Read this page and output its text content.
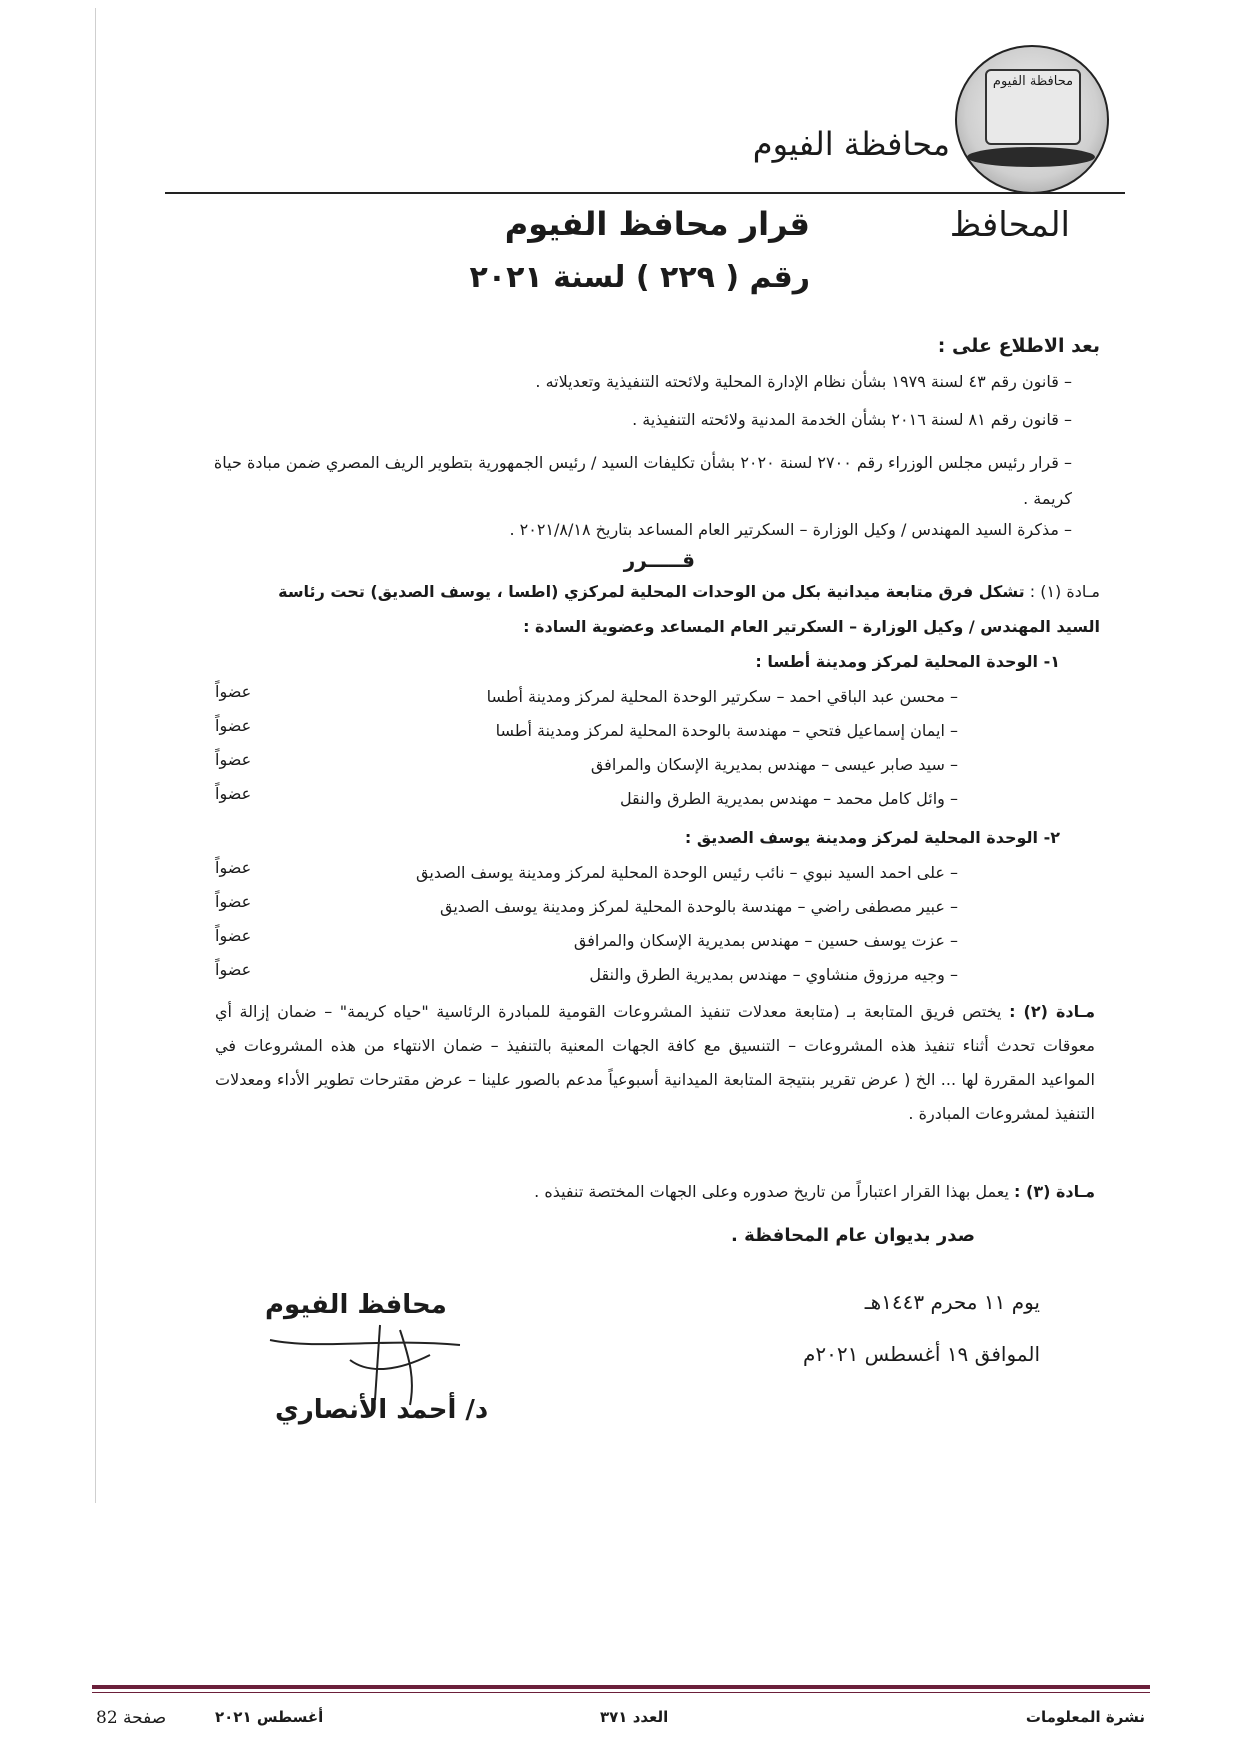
محافظة الفيوم
محافظة الفيوم
المحافظ
قرار محافظ الفيوم
رقم ( ٢٢٩ ) لسنة ٢٠٢١
بعد الاطلاع على :
– قانون رقم ٤٣ لسنة ١٩٧٩ بشأن نظام الإدارة المحلية ولائحته التنفيذية وتعديلاته .
– قانون رقم ٨١ لسنة ٢٠١٦ بشأن الخدمة المدنية ولائحته التنفيذية .
– قرار رئيس مجلس الوزراء رقم ٢٧٠٠ لسنة ٢٠٢٠ بشأن تكليفات السيد / رئيس الجمهورية بتطوير الريف المصري ضمن مبادة حياة كريمة .
– مذكرة السيد المهندس / وكيل الوزارة – السكرتير العام المساعد بتاريخ ٢٠٢١/٨/١٨ .
قـــــرر
مـادة (١) : تشكل فرق متابعة ميدانية بكل من الوحدات المحلية لمركزي (اطسا ، يوسف الصديق) تحت رئاسة
السيد المهندس / وكيل الوزارة – السكرتير العام المساعد وعضوية السادة :
١- الوحدة المحلية لمركز ومدينة أطسا :
– محسن عبد الباقي احمد – سكرتير الوحدة المحلية لمركز ومدينة أطسا
عضواً
– ايمان إسماعيل فتحي – مهندسة بالوحدة المحلية لمركز ومدينة أطسا
عضواً
– سيد صابر عيسى – مهندس بمديرية الإسكان والمرافق
عضواً
– وائل كامل محمد – مهندس بمديرية الطرق والنقل
عضواً
٢- الوحدة المحلية لمركز ومدينة يوسف الصديق :
– على احمد السيد نبوي – نائب رئيس الوحدة المحلية لمركز ومدينة يوسف الصديق
عضواً
– عبير مصطفى راضي – مهندسة بالوحدة المحلية لمركز ومدينة يوسف الصديق
عضواً
– عزت يوسف حسين – مهندس بمديرية الإسكان والمرافق
عضواً
– وجيه مرزوق منشاوي – مهندس بمديرية الطرق والنقل
عضواً
مـادة (٢) : يختص فريق المتابعة بـ (متابعة معدلات تنفيذ المشروعات القومية للمبادرة الرئاسية "حياه كريمة" – ضمان إزالة أي معوقات تحدث أثناء تنفيذ هذه المشروعات – التنسيق مع كافة الجهات المعنية بالتنفيذ – ضمان الانتهاء من هذه المشروعات في المواعيد المقررة لها ... الخ ( عرض تقرير بنتيجة المتابعة الميدانية أسبوعياً مدعم بالصور علينا – عرض مقترحات تطوير الأداء ومعدلات التنفيذ لمشروعات المبادرة .
مـادة (٣) : يعمل بهذا القرار اعتباراً من تاريخ صدوره وعلى الجهات المختصة تنفيذه .
صدر بديوان عام المحافظة .
يوم ١١ محرم ١٤٤٣هـ
الموافق ١٩ أغسطس ٢٠٢١م
محافظ الفيوم
د/ أحمد الأنصاري
نشرة المعلومات
العدد ٣٧١
أغسطس ٢٠٢١
صفحة 82
